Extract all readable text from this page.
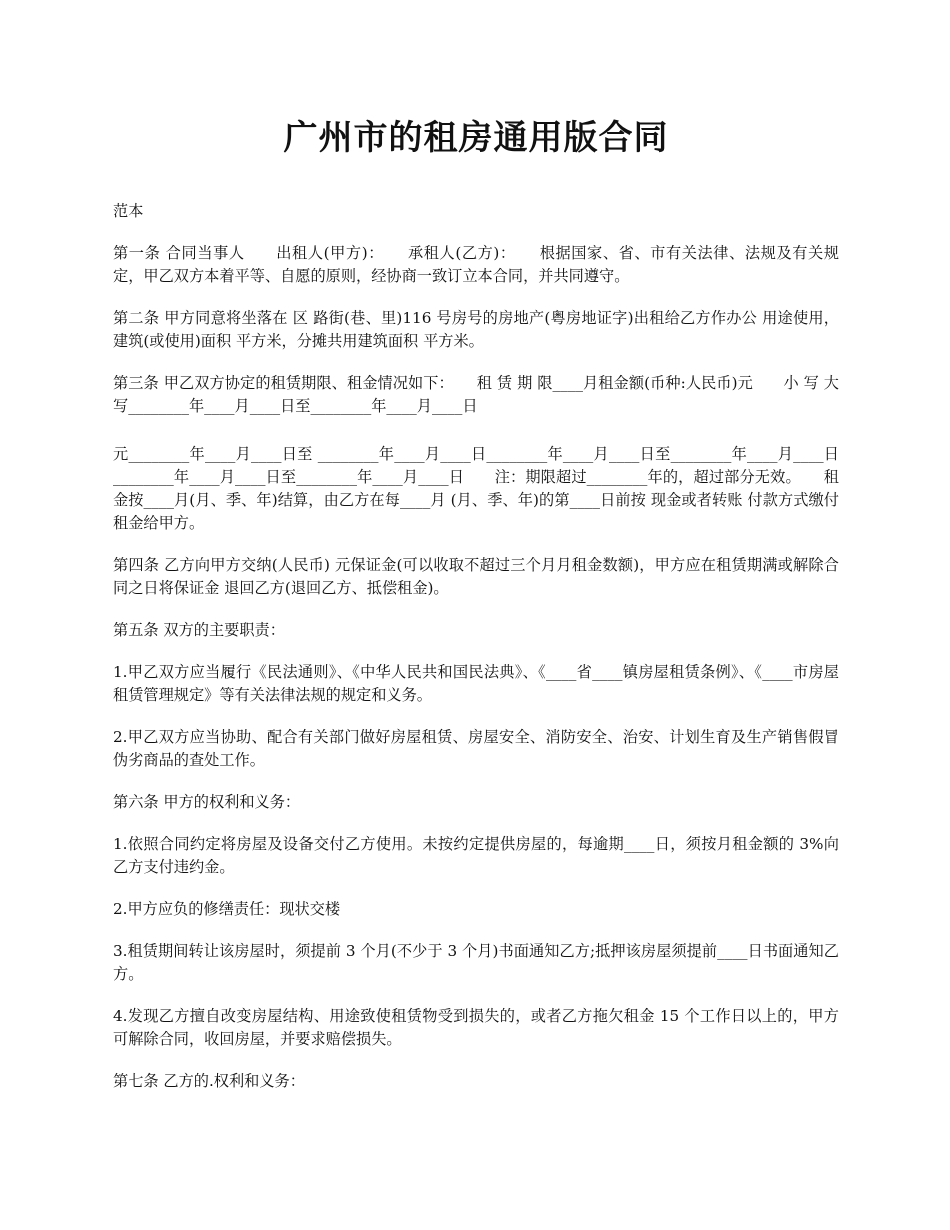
广州市的租房通用版合同

范本

第一条 合同当事人　　出租人(甲方)：　　承租人(乙方)：　　根据国家、省、市有关法律、法规及有关规定，甲乙双方本着平等、自愿的原则，经协商一致订立本合同，并共同遵守。

第二条 甲方同意将坐落在 区 路街(巷、里)116 号房号的房地产(粤房地证字)出租给乙方作办公 用途使用，建筑(或使用)面积 平方米，分摊共用建筑面积 平方米。

第三条 甲乙双方协定的租赁期限、租金情况如下：　　租 赁 期 限____月租金额(币种:人民币)元　　小 写 大 写________年____月____日至________年____月____日

元________年____月____日至 ________年____月____日________年____月____日至________年____月____日________年____月____日至________年____月____日　　注：期限超过________年的，超过部分无效。　　租金按____月(月、季、年)结算，由乙方在每____月 (月、季、年)的第____日前按 现金或者转账 付款方式缴付租金给甲方。

第四条 乙方向甲方交纳(人民币) 元保证金(可以收取不超过三个月月租金数额)，甲方应在租赁期满或解除合同之日将保证金 退回乙方(退回乙方、抵偿租金)。

第五条 双方的主要职责：

1.甲乙双方应当履行《民法通则》、《中华人民共和国民法典》、《____省____镇房屋租赁条例》、《____市房屋租赁管理规定》等有关法律法规的规定和义务。

2.甲乙双方应当协助、配合有关部门做好房屋租赁、房屋安全、消防安全、治安、计划生育及生产销售假冒伪劣商品的查处工作。

第六条 甲方的权利和义务：

1.依照合同约定将房屋及设备交付乙方使用。未按约定提供房屋的，每逾期____日，须按月租金额的 3%向乙方支付违约金。

2.甲方应负的修缮责任：现状交楼

3.租赁期间转让该房屋时，须提前 3 个月(不少于 3 个月)书面通知乙方;抵押该房屋须提前____日书面通知乙方。

4.发现乙方擅自改变房屋结构、用途致使租赁物受到损失的，或者乙方拖欠租金 15 个工作日以上的，甲方可解除合同，收回房屋，并要求赔偿损失。

第七条 乙方的.权利和义务：
